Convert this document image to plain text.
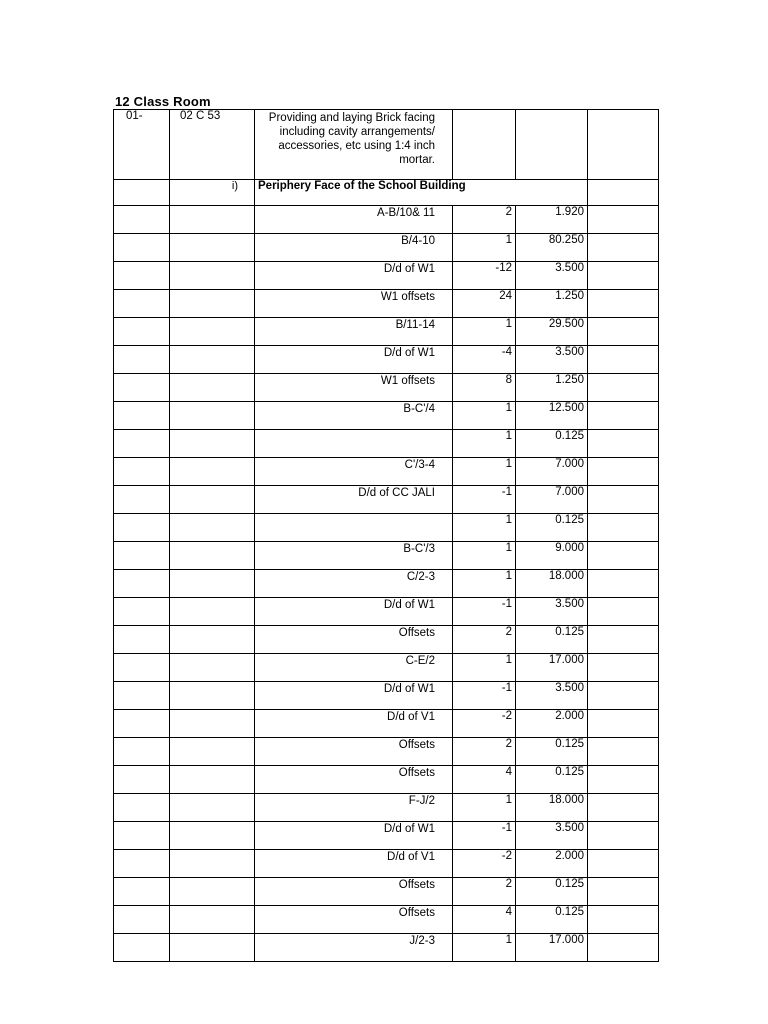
12 Class Room
01-	02 C 53	Providing and laying Brick facing including cavity arrangements/ accessories, etc using 1:4 inch mortar.			
	i)	Periphery Face of the School Building			
		A-B/10& 11	2	1.920	
		B/4-10	1	80.250	
		D/d of W1	-12	3.500	
		W1 offsets	24	1.250	
		B/11-14	1	29.500	
		D/d of W1	-4	3.500	
		W1 offsets	8	1.250	
		B-C'/4	1	12.500	
			1	0.125	
		C'/3-4	1	7.000	
		D/d of CC JALI	-1	7.000	
			1	0.125	
		B-C'/3	1	9.000	
		C/2-3	1	18.000	
		D/d of W1	-1	3.500	
		Offsets	2	0.125	
		C-E/2	1	17.000	
		D/d of W1	-1	3.500	
		D/d of V1	-2	2.000	
		Offsets	2	0.125	
		Offsets	4	0.125	
		F-J/2	1	18.000	
		D/d of W1	-1	3.500	
		D/d of V1	-2	2.000	
		Offsets	2	0.125	
		Offsets	4	0.125	
		J/2-3	1	17.000	
